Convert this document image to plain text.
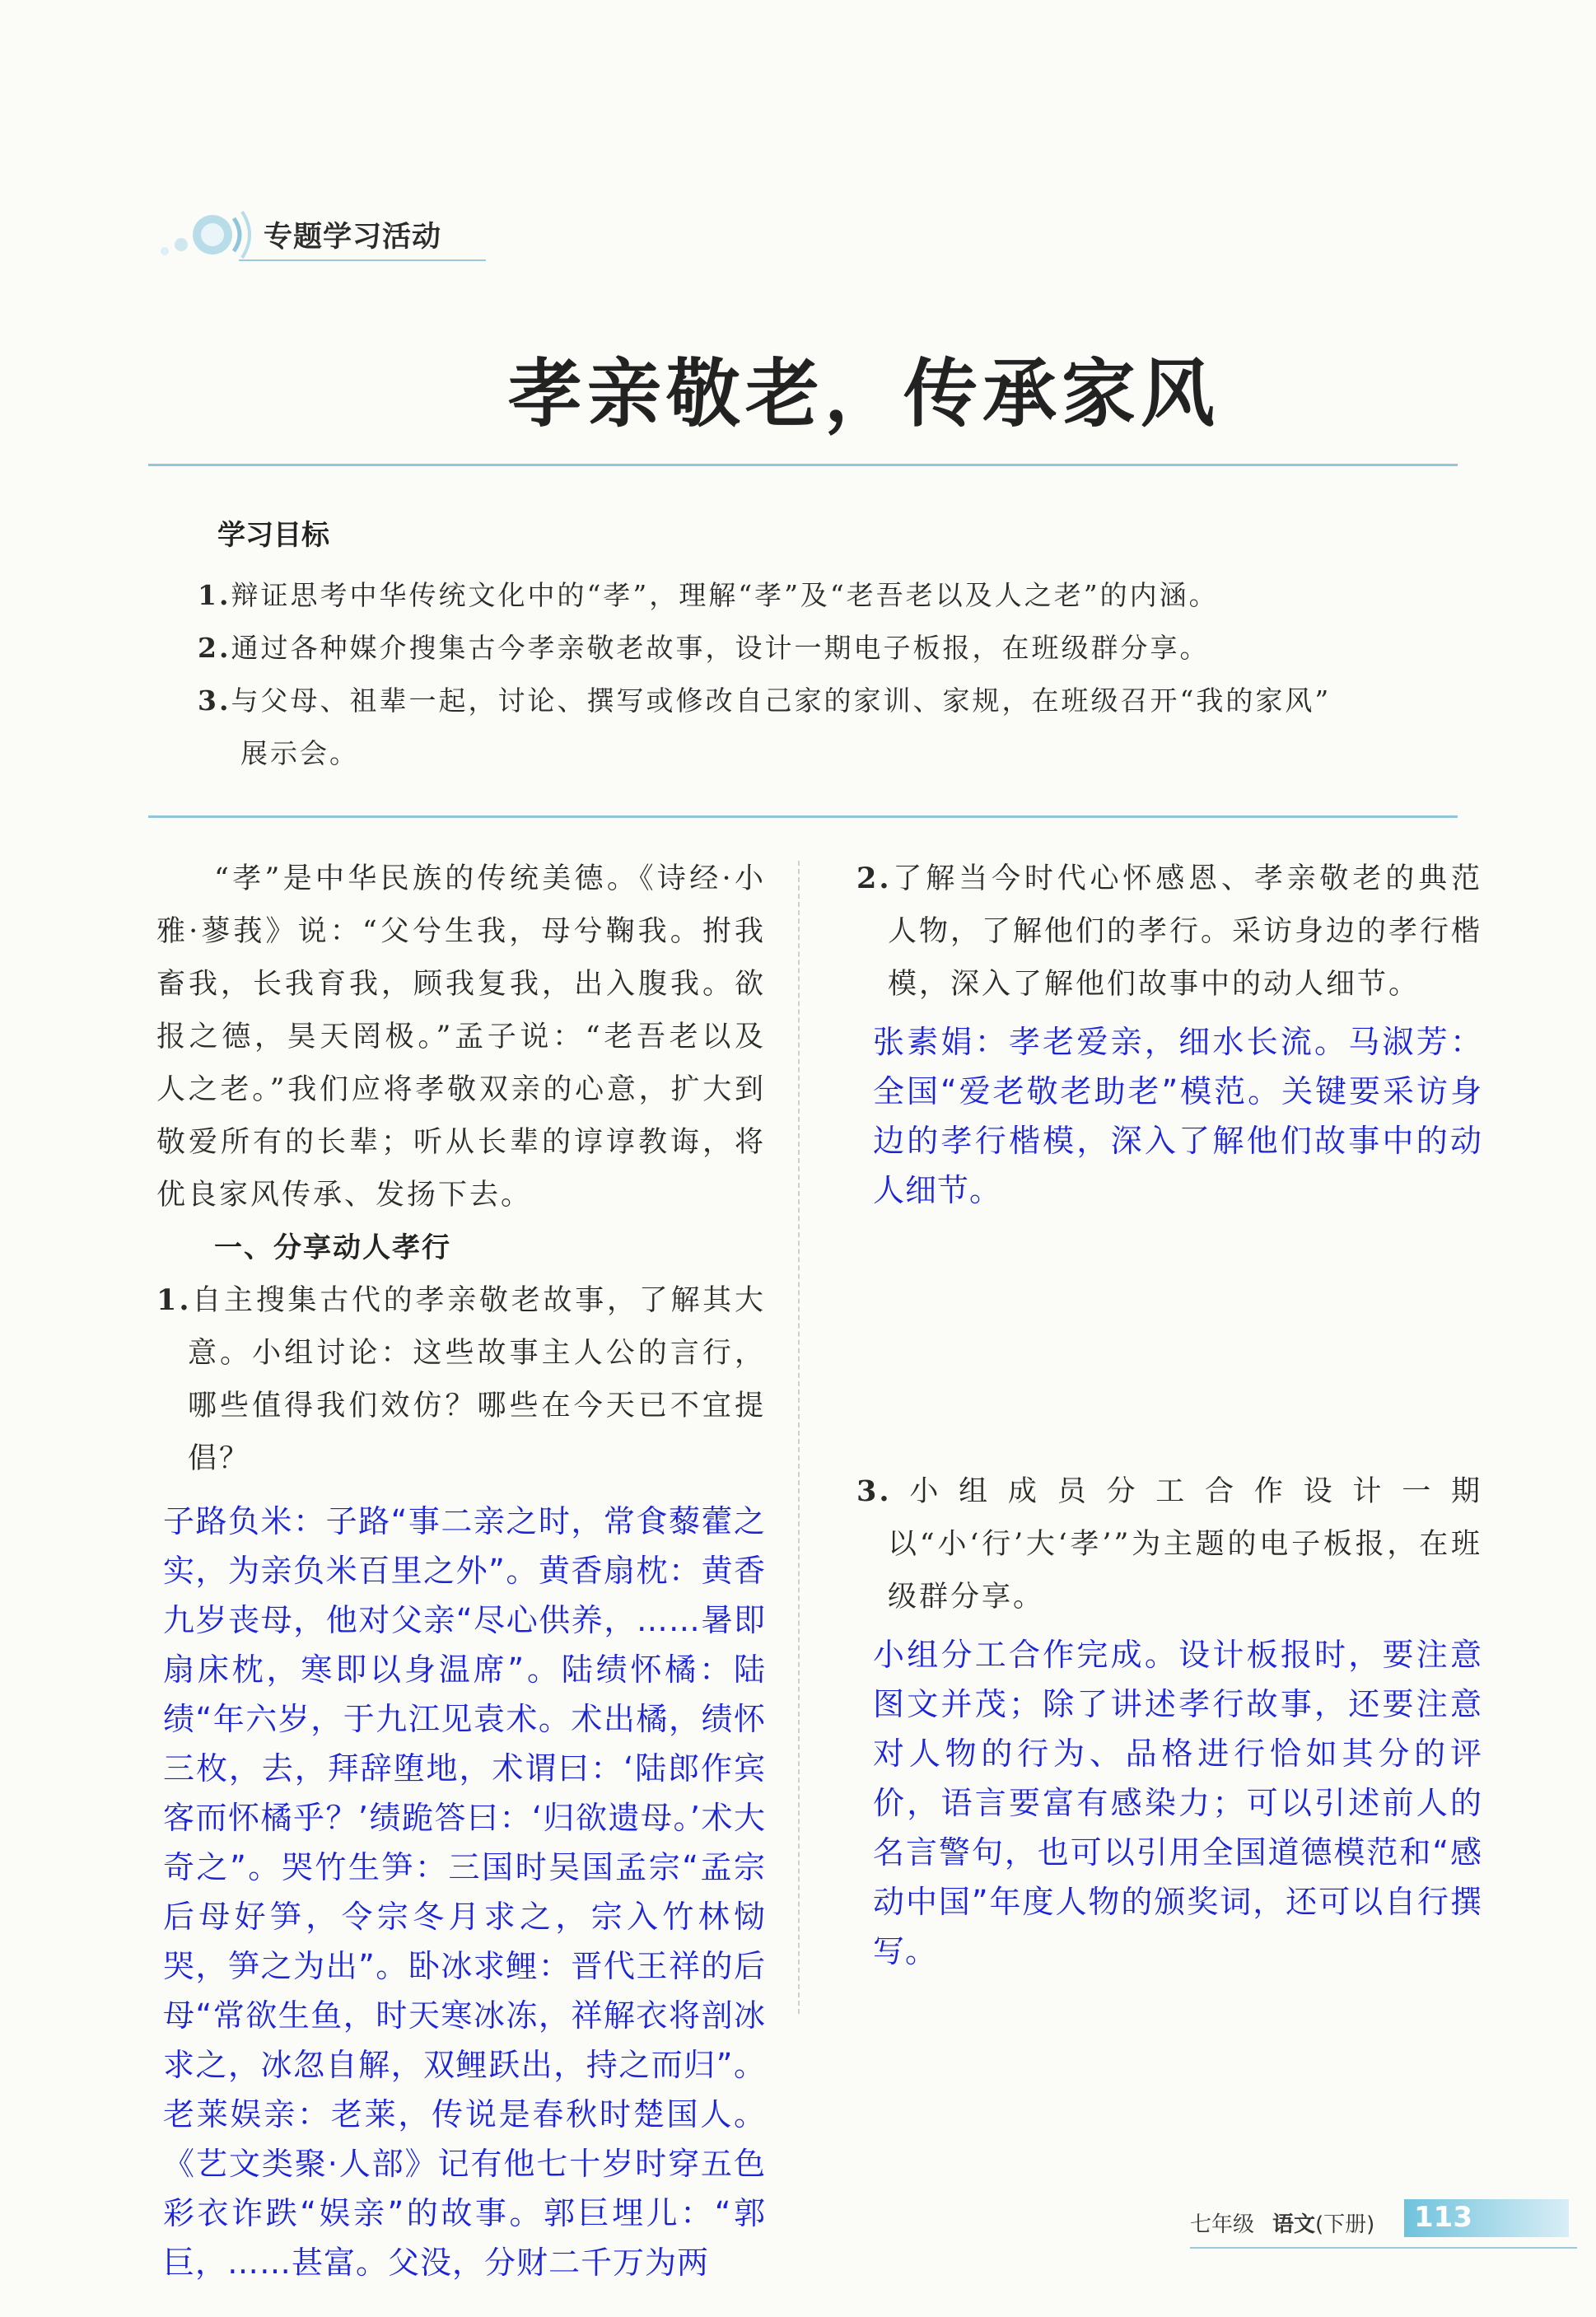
专题学习活动
孝亲敬老，传承家风
学习目标
1.辩证思考中华传统文化中的“孝”，理解“孝”及“老吾老以及人之老”的内涵。
2.通过各种媒介搜集古今孝亲敬老故事，设计一期电子板报，在班级群分享。
3.与父母、祖辈一起，讨论、撰写或修改自己家的家训、家规，在班级召开“我的家风”
展示会。
“孝”是中华民族的传统美德。《诗经·小雅·蓼莪》说：“父兮生我，母兮鞠我。拊我畜我，长我育我，顾我复我，出入腹我。欲报之德，昊天罔极。”孟子说：“老吾老以及人之老。”我们应将孝敬双亲的心意，扩大到敬爱所有的长辈；听从长辈的谆谆教诲，将优良家风传承、发扬下去。
一、分享动人孝行
1.自主搜集古代的孝亲敬老故事，了解其大意。小组讨论：这些故事主人公的言行，哪些值得我们效仿？哪些在今天已不宜提倡？
子路负米：子路“事二亲之时，常食藜藿之实，为亲负米百里之外”。黄香扇枕：黄香九岁丧母，他对父亲“尽心供养，……暑即扇床枕，寒即以身温席”。陆绩怀橘：陆绩“年六岁，于九江见袁术。术出橘，绩怀三枚，去，拜辞堕地，术谓曰：‘陆郎作宾客而怀橘乎？’绩跪答曰：‘归欲遗母。’术大奇之”。哭竹生笋：三国时吴国孟宗“孟宗后母好笋，令宗冬月求之，宗入竹林恸哭，笋之为出”。卧冰求鲤：晋代王祥的后母“常欲生鱼，时天寒冰冻，祥解衣将剖冰求之，冰忽自解，双鲤跃出，持之而归”。老莱娱亲：老莱，传说是春秋时楚国人。《艺文类聚·人部》记有他七十岁时穿五色彩衣诈跌“娱亲”的故事。郭巨埋儿：“郭巨，……甚富。父没，分财二千万为两
2.了解当今时代心怀感恩、孝亲敬老的典范人物，了解他们的孝行。采访身边的孝行楷模，深入了解他们故事中的动人细节。
张素娟：孝老爱亲，细水长流。马淑芳：全国“爱老敬老助老”模范。关键要采访身边的孝行楷模，深入了解他们故事中的动人细节。
3.小组成员分工合作设计一期以“小‘行’大‘孝’”为主题的电子板报，在班级群分享。
小组分工合作完成。设计板报时，要注意图文并茂；除了讲述孝行故事，还要注意对人物的行为、品格进行恰如其分的评价，语言要富有感染力；可以引述前人的名言警句，也可以引用全国道德模范和“感动中国”年度人物的颁奖词，还可以自行撰写。
七年级 语文(下册) 113
